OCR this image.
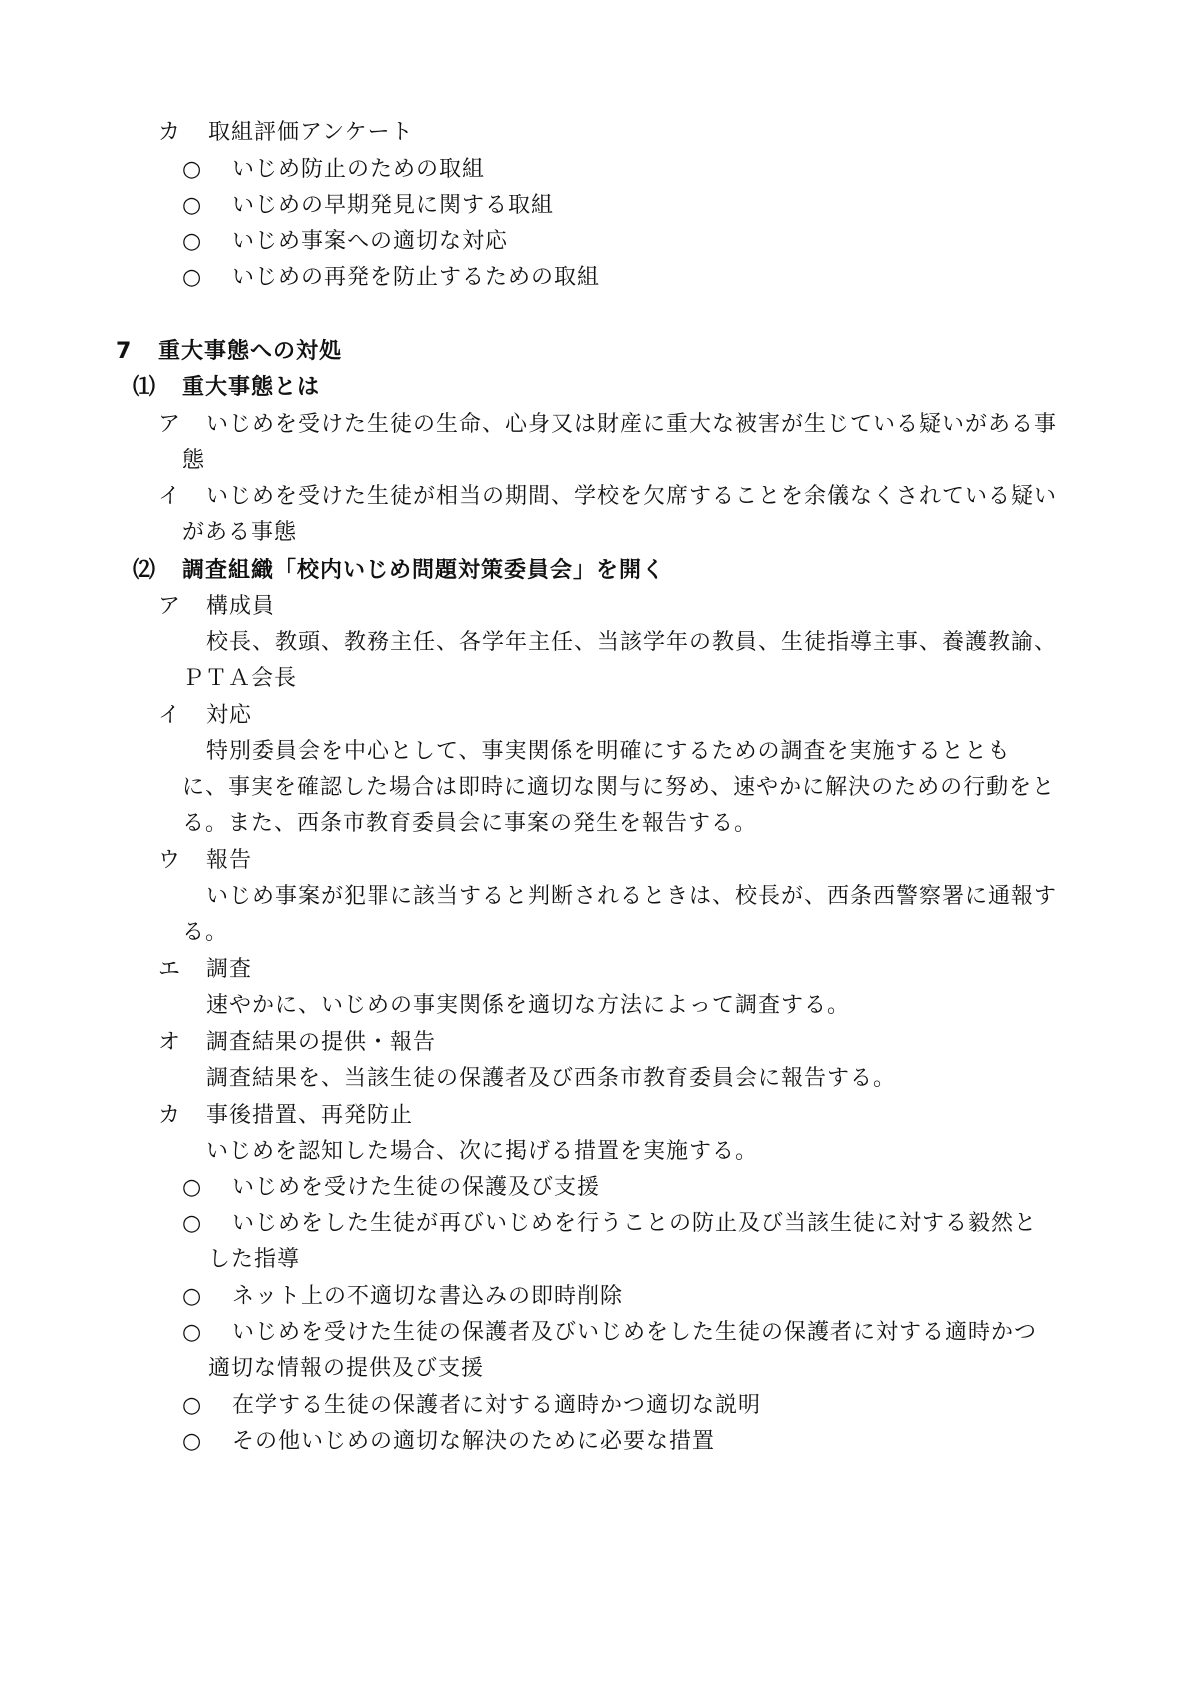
カ 取組評価アンケート
○ いじめ防止のための取組
○ いじめの早期発見に関する取組
○ いじめ事案への適切な対応
○ いじめの再発を防止するための取組
7 重大事態への対処
⑴ 重大事態とは
ア いじめを受けた生徒の生命、心身又は財産に重大な被害が生じている疑いがある事
態
イ いじめを受けた生徒が相当の期間、学校を欠席することを余儀なくされている疑い
がある事態
⑵ 調査組織「校内いじめ問題対策委員会」を開く
ア 構成員
校長、教頭、教務主任、各学年主任、当該学年の教員、生徒指導主事、養護教諭、
ＰＴＡ会長
イ 対応
特別委員会を中心として、事実関係を明確にするための調査を実施するととも
に、事実を確認した場合は即時に適切な関与に努め、速やかに解決のための行動をと
る。また、西条市教育委員会に事案の発生を報告する。
ウ 報告
いじめ事案が犯罪に該当すると判断されるときは、校長が、西条西警察署に通報す
る。
エ 調査
速やかに、いじめの事実関係を適切な方法によって調査する。
オ 調査結果の提供・報告
調査結果を、当該生徒の保護者及び西条市教育委員会に報告する。
カ 事後措置、再発防止
いじめを認知した場合、次に掲げる措置を実施する。
○ いじめを受けた生徒の保護及び支援
○ いじめをした生徒が再びいじめを行うことの防止及び当該生徒に対する毅然と
した指導
○ ネット上の不適切な書込みの即時削除
○ いじめを受けた生徒の保護者及びいじめをした生徒の保護者に対する適時かつ
適切な情報の提供及び支援
○ 在学する生徒の保護者に対する適時かつ適切な説明
○ その他いじめの適切な解決のために必要な措置
